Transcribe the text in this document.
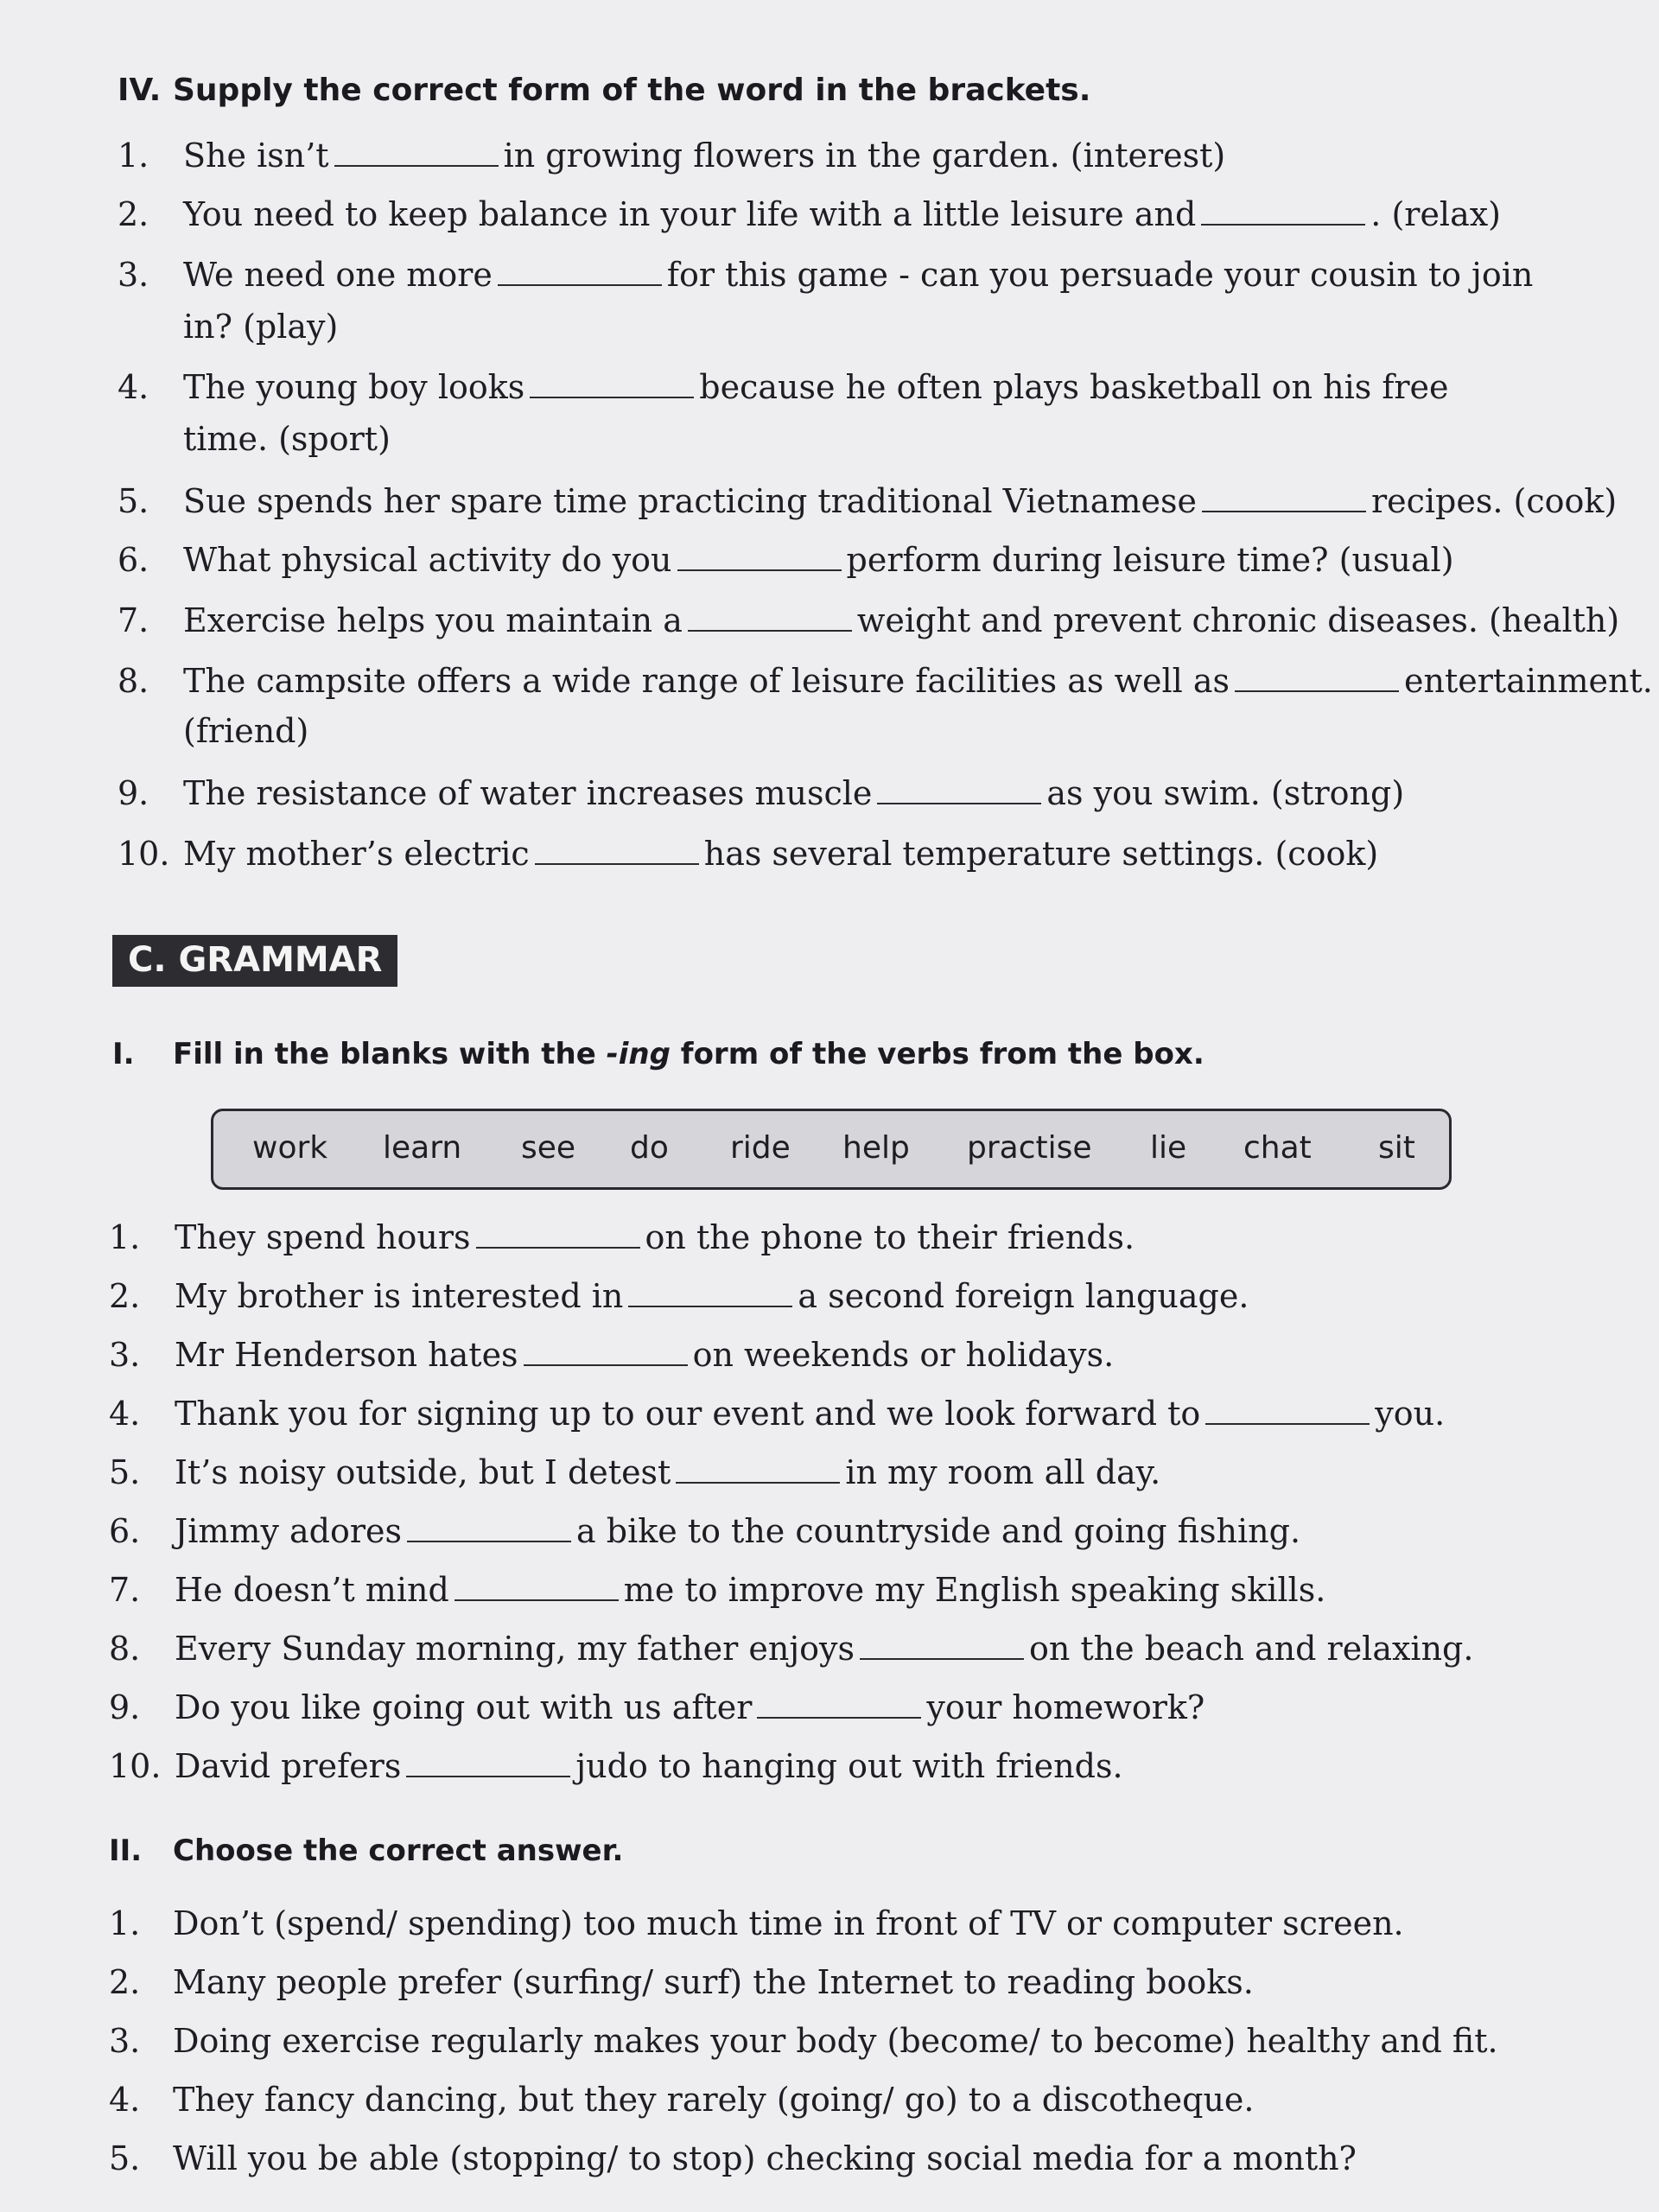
IV. Supply the correct form of the word in the brackets.
1. She isn’t	in growing flowers in the garden. (interest)
2. You need to keep balance in your life with a little leisure and	. (relax)
3. We need one more	for this game - can you persuade your cousin to join
in? (play)
4. The young boy looks	because he often plays basketball on his free
time. (sport)
5. Sue spends her spare time practicing traditional Vietnamese	recipes. (cook)
6. What physical activity do you	perform during leisure time? (usual)
7. Exercise helps you maintain a	weight and prevent chronic diseases. (health)
8. The campsite offers a wide range of leisure facilities as well as	entertainment.
(friend)
9. The resistance of water increases muscle	as you swim. (strong)
10. My mother’s electric	has several temperature settings. (cook)
C. GRAMMAR
I. Fill in the blanks with the -ing form of the verbs from the box.
work learn see do ride help practise lie chat sit
1. They spend hours	on the phone to their friends.
2. My brother is interested in	a second foreign language.
3. Mr Henderson hates	on weekends or holidays.
4. Thank you for signing up to our event and we look forward to	you.
5. It’s noisy outside, but I detest	in my room all day.
6. Jimmy adores	a bike to the countryside and going fishing.
7. He doesn’t mind	me to improve my English speaking skills.
8. Every Sunday morning, my father enjoys	on the beach and relaxing.
9. Do you like going out with us after	your homework?
10. David prefers	judo to hanging out with friends.
II. Choose the correct answer.
1. Don’t (spend/ spending) too much time in front of TV or computer screen.
2. Many people prefer (surfing/ surf) the Internet to reading books.
3. Doing exercise regularly makes your body (become/ to become) healthy and fit.
4. They fancy dancing, but they rarely (going/ go) to a discotheque.
5. Will you be able (stopping/ to stop) checking social media for a month?
